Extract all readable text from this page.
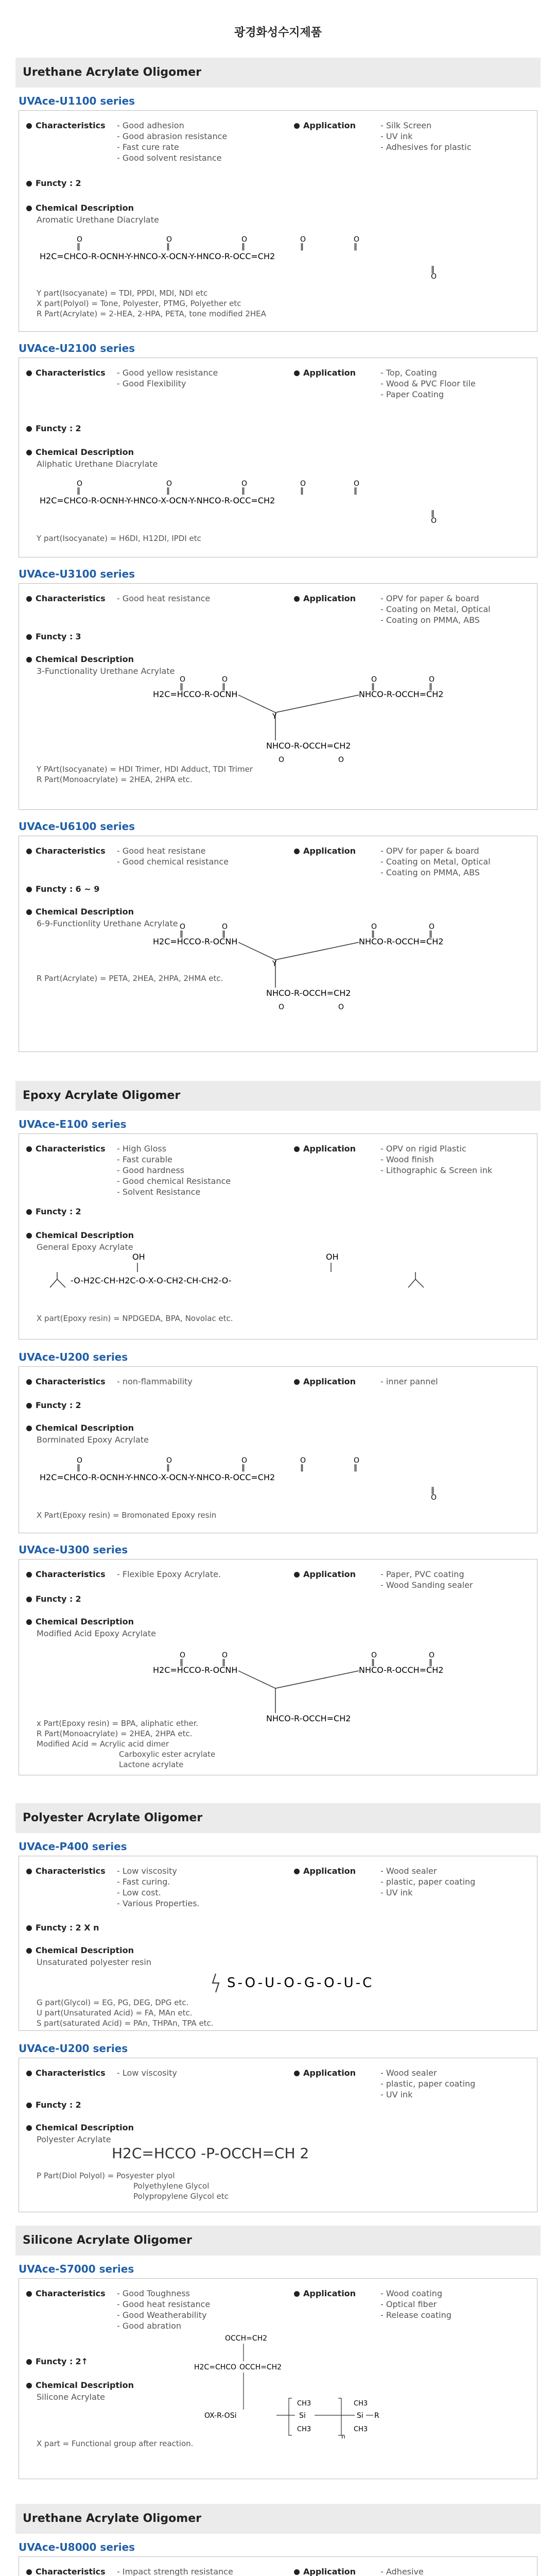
광경화성수지제품
Urethane Acrylate Oligomer
UVAce-U1100 series
Characteristics	- Good adhesion
- Good abrasion resistance
- Fast cure rate
- Good solvent resistance
Application	- Silk Screen
- UV ink
- Adhesives for plastic
Functy : 2
Chemical Description
Aromatic Urethane Diacrylate
H2C=CHCO-R-OCNH-Y-HNCO-X-OCN-Y-HNCO-R-OCC=CH2
O
‖
O
‖
O
‖
O
‖
O
‖
‖
O
Y part(Isocyanate) = TDI, PPDI, MDI, NDI etc
X part(Polyol) = Tone, Polyester, PTMG, Polyether etc
R Part(Acrylate) = 2-HEA, 2-HPA, PETA, tone modified 2HEA
UVAce-U2100 series
Characteristics	- Good yellow resistance
- Good Flexibility
Application	- Top, Coating
- Wood & PVC Floor tile
- Paper Coating
Functy : 2
Chemical Description
Aliphatic Urethane Diacrylate
H2C=CHCO-R-OCNH-Y-HNCO-X-OCN-Y-NHCO-R-OCC=CH2
O
‖
O
‖
O
‖
O
‖
O
‖
‖
O
Y part(Isocyanate) = H6DI, H12DI, IPDI etc
UVAce-U3100 series
Characteristics	- Good heat resistance	Application	- OPV for paper & board
- Coating on Metal, Optical
- Coating on PMMA, ABS
Functy : 3
Chemical Description
3-Functionality Urethane Acrylate
H2C=HCCO-R-OCNH	NHCO-R-OCCH=CH2
NHCO-R-OCCH=CH2
Y
O
‖
O
‖
O
‖
O
‖
O	O
Y PArt(Isocyanate) = HDI Trimer, HDI Adduct, TDI Trimer
R Part(Monoacrylate) = 2HEA, 2HPA etc.
UVAce-U6100 series
Characteristics	- Good heat resistane
- Good chemical resistance
Application	- OPV for paper & board
- Coating on Metal, Optical
- Coating on PMMA, ABS
Functy : 6 ~ 9
Chemical Description
6-9-Functionlity Urethane Acrylate
H2C=HCCO-R-OCNH	NHCO-R-OCCH=CH2
NHCO-R-OCCH=CH2
Y
O
‖
O
‖
O
‖
O
‖
O	O
R Part(Acrylate) = PETA, 2HEA, 2HPA, 2HMA etc.
Epoxy Acrylate Oligomer
UVAce-E100 series
Characteristics	- High Gloss
- Fast curable
- Good hardness
- Good chemical Resistance
- Solvent Resistance
Application	- OPV on rigid Plastic
- Wood finish
- Lithographic & Screen ink
Functy : 2
Chemical Description
General Epoxy Acrylate
OH	OH
-O-H2C-CH-H2C-O-X-O-CH2-CH-CH2-O-
X part(Epoxy resin) = NPDGEDA, BPA, Novolac etc.
UVAce-U200 series
Characteristics	- non-flammability	Application	- inner pannel
Functy : 2
Chemical Description
Borminated Epoxy Acrylate
H2C=CHCO-R-OCNH-Y-HNCO-X-OCN-Y-NHCO-R-OCC=CH2
O
‖
O
‖
O
‖
O
‖
O
‖
‖
O
X Part(Epoxy resin) = Bromonated Epoxy resin
UVAce-U300 series
Characteristics	- Flexible Epoxy Acrylate.	Application	- Paper, PVC coating
- Wood Sanding sealer
Functy : 2
Chemical Description
Modified Acid Epoxy Acrylate
H2C=HCCO-R-OCNH	NHCO-R-OCCH=CH2
NHCO-R-OCCH=CH2
O
‖
O
‖
O
‖
O
‖
x Part(Epoxy resin) = BPA, aliphatic ether.
R Part(Monoacrylate) = 2HEA, 2HPA etc.
Modified Acid = Acrylic acid dimer
Carboxylic ester acrylate
Lactone acrylate
Polyester Acrylate Oligomer
UVAce-P400 series
Characteristics	- Low viscosity
- Fast curing.
- Low cost.
- Various Properties.
Application	- Wood sealer
- plastic, paper coating
- UV ink
Functy : 2 X n
Chemical Description
Unsaturated polyester resin
S-O-U-O-G-O-U-C
G part(Glycol) = EG, PG, DEG, DPG etc.
U part(Unsaturated Acid) = FA, MAn etc.
S part(saturated Acid) = PAn, THPAn, TPA etc.
UVAce-U200 series
Characteristics	- Low viscosity	Application	- Wood sealer
- plastic, paper coating
- UV ink
Functy : 2
Chemical Description
Polyester Acrylate
H2C=HCCO -P-OCCH=CH 2
P Part(Diol Polyol) = Posyester plyol
Polyethylene Glycol
Polypropylene Glycol etc
Silicone Acrylate Oligomer
UVAce-S7000 series
Characteristics	- Good Toughness
- Good heat resistance
- Good Weatherability
- Good abration
Application	- Wood coating
- Optical fiber
- Release coating
Functy : 2↑
Chemical Description
Silicone Acrylate
OCCH=CH2
H2C=CHCO OCCH=CH2
OX-R-OSi
CH3
CH3
Si
CH3
CH3
Si R
n
X part = Functional group after reaction.
Urethane Acrylate Oligomer
UVAce-U8000 series
Characteristics	- Impact strength resistance	Application	- Adhesive
